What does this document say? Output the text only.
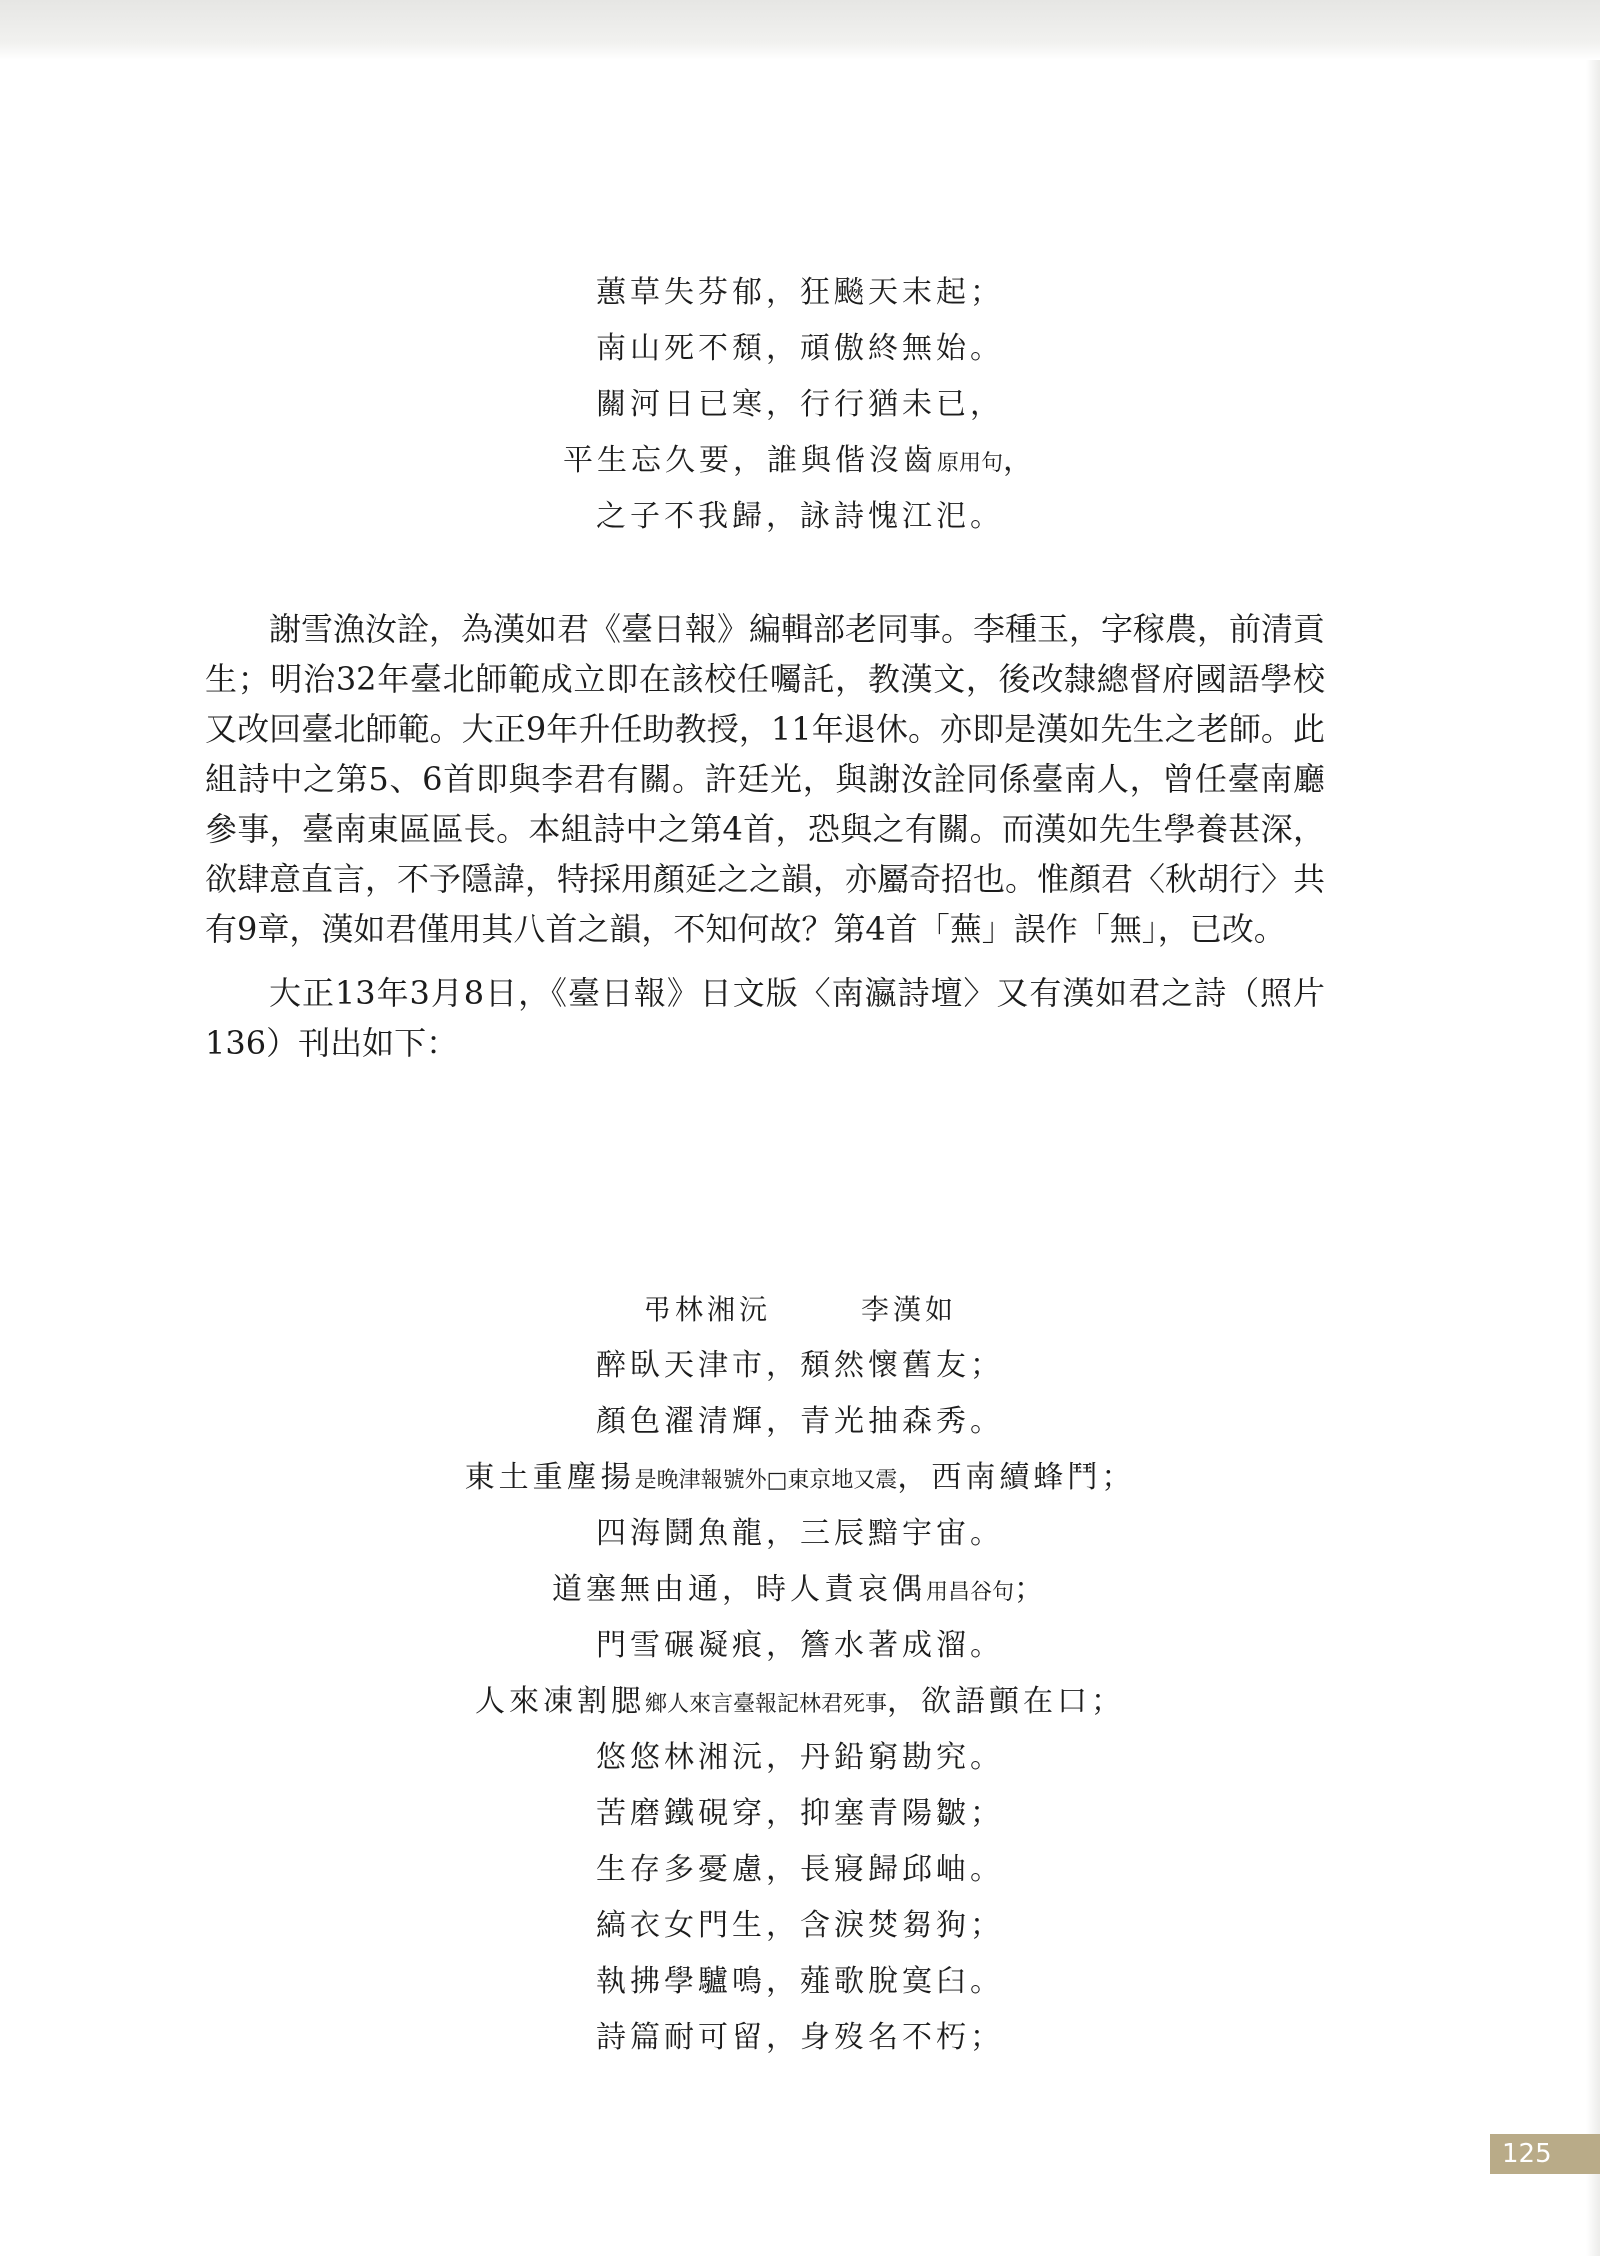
蕙草失芬郁，狂飈天末起；
南山死不頹，頑傲終無始。
關河日已寒，行行猶未已，
平生忘久要，誰與偕沒齒原用句，
之子不我歸，詠詩愧江汜。

謝雪漁汝詮，為漢如君《臺日報》編輯部老同事。李種玉，字稼農，前清貢生；明治32年臺北師範成立即在該校任囑託，教漢文，後改隸總督府國語學校又改回臺北師範。大正9年升任助教授，11年退休。亦即是漢如先生之老師。此組詩中之第5、6首即與李君有關。許廷光，與謝汝詮同係臺南人，曾任臺南廳參事，臺南東區區長。本組詩中之第4首，恐與之有關。而漢如先生學養甚深，欲肆意直言，不予隱諱，特採用顏延之之韻，亦屬奇招也。惟顏君〈秋胡行〉共有9章，漢如君僅用其八首之韻，不知何故？第4首「蕪」誤作「無」，已改。

大正13年3月8日，《臺日報》日文版〈南瀛詩壇〉又有漢如君之詩（照片136）刊出如下：

弔林湘沅	李漢如
醉臥天津市，頹然懷舊友；
顏色濯清輝，青光抽森秀。
東土重塵揚是晚津報號外□東京地又震，西南續蜂鬥；
四海鬪魚龍，三辰黯宇宙。
道塞無由通，時人責哀偶用昌谷句；
門雪碾凝痕，簷水著成溜。
人來凍割腮鄉人來言臺報記林君死事，欲語顫在口；
悠悠林湘沅，丹鉛窮勘究。
苦磨鐵硯穿，抑塞青陽皺；
生存多憂慮，長寢歸邱岫。
縞衣女門生，含淚焚芻狗；
執拂學驢鳴，薤歌脫寞臼。
詩篇耐可留，身歿名不朽；
125
